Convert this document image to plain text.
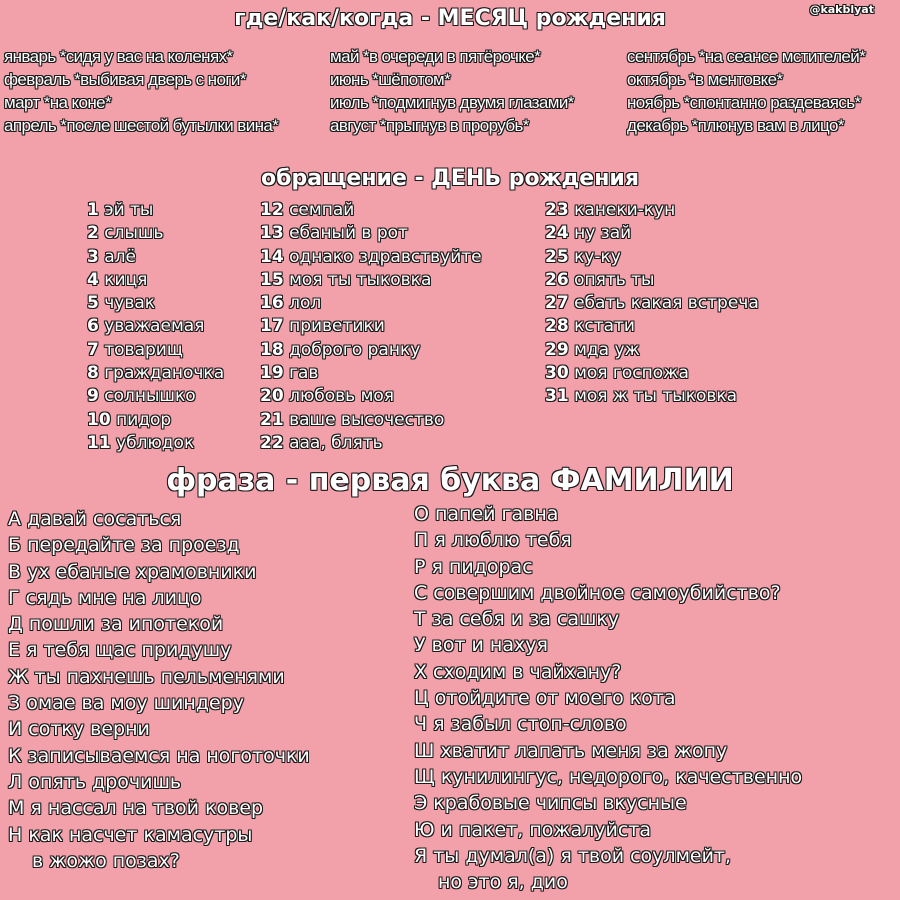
@kakblyat
где/как/когда - МЕСЯЦ рождения
январь *сидя у вас на коленях*
февраль *выбивая дверь с ноги*
март *на коне*
апрель *после шестой бутылки вина*
май *в очереди в пятёрочке*
июнь *шёпотом*
июль *подмигнув двумя глазами*
август *прыгнув в прорубь*
сентябрь *на сеансе мстителей*
октябрь *в ментовке*
ноябрь *спонтанно раздеваясь*
декабрь *плюнув вам в лицо*
обращение - ДЕНЬ рождения
1 эй ты
2 слышь
3 алё
4 киця
5 чувак
6 уважаемая
7 товарищ
8 гражданочка
9 солнышко
10 пидор
11 ублюдок
12 семпай
13 ебаный в рот
14 однако здравствуйте
15 моя ты тыковка
16 лол
17 приветики
18 доброго ранку
19 гав
20 любовь моя
21 ваше высочество
22 ааа, блять
23 канеки-кун
24 ну зай
25 ку-ку
26 опять ты
27 ебать какая встреча
28 кстати
29 мда уж
30 моя госпожа
31 моя ж ты тыковка
фраза - первая буква ФАМИЛИИ
А давай сосаться
Б передайте за проезд
В ух ебаные храмовники
Г сядь мне на лицо
Д пошли за ипотекой
Е я тебя щас придушу
Ж ты пахнешь пельменями
З омае ва моу шиндеру
И сотку верни
К записываемся на ноготочки
Л опять дрочишь
М я нассал на твой ковер
Н как насчет камасутры
в жожо позах?
О папей гавна
П я люблю тебя
Р я пидорас
С совершим двойное самоубийство?
Т за себя и за сашку
У вот и нахуя
Х сходим в чайхану?
Ц отойдите от моего кота
Ч я забыл стоп-слово
Ш хватит лапать меня за жопу
Щ кунилингус, недорого, качественно
Э крабовые чипсы вкусные
Ю и пакет, пожалуйста
Я ты думал(а) я твой соулмейт,
но это я, дио
